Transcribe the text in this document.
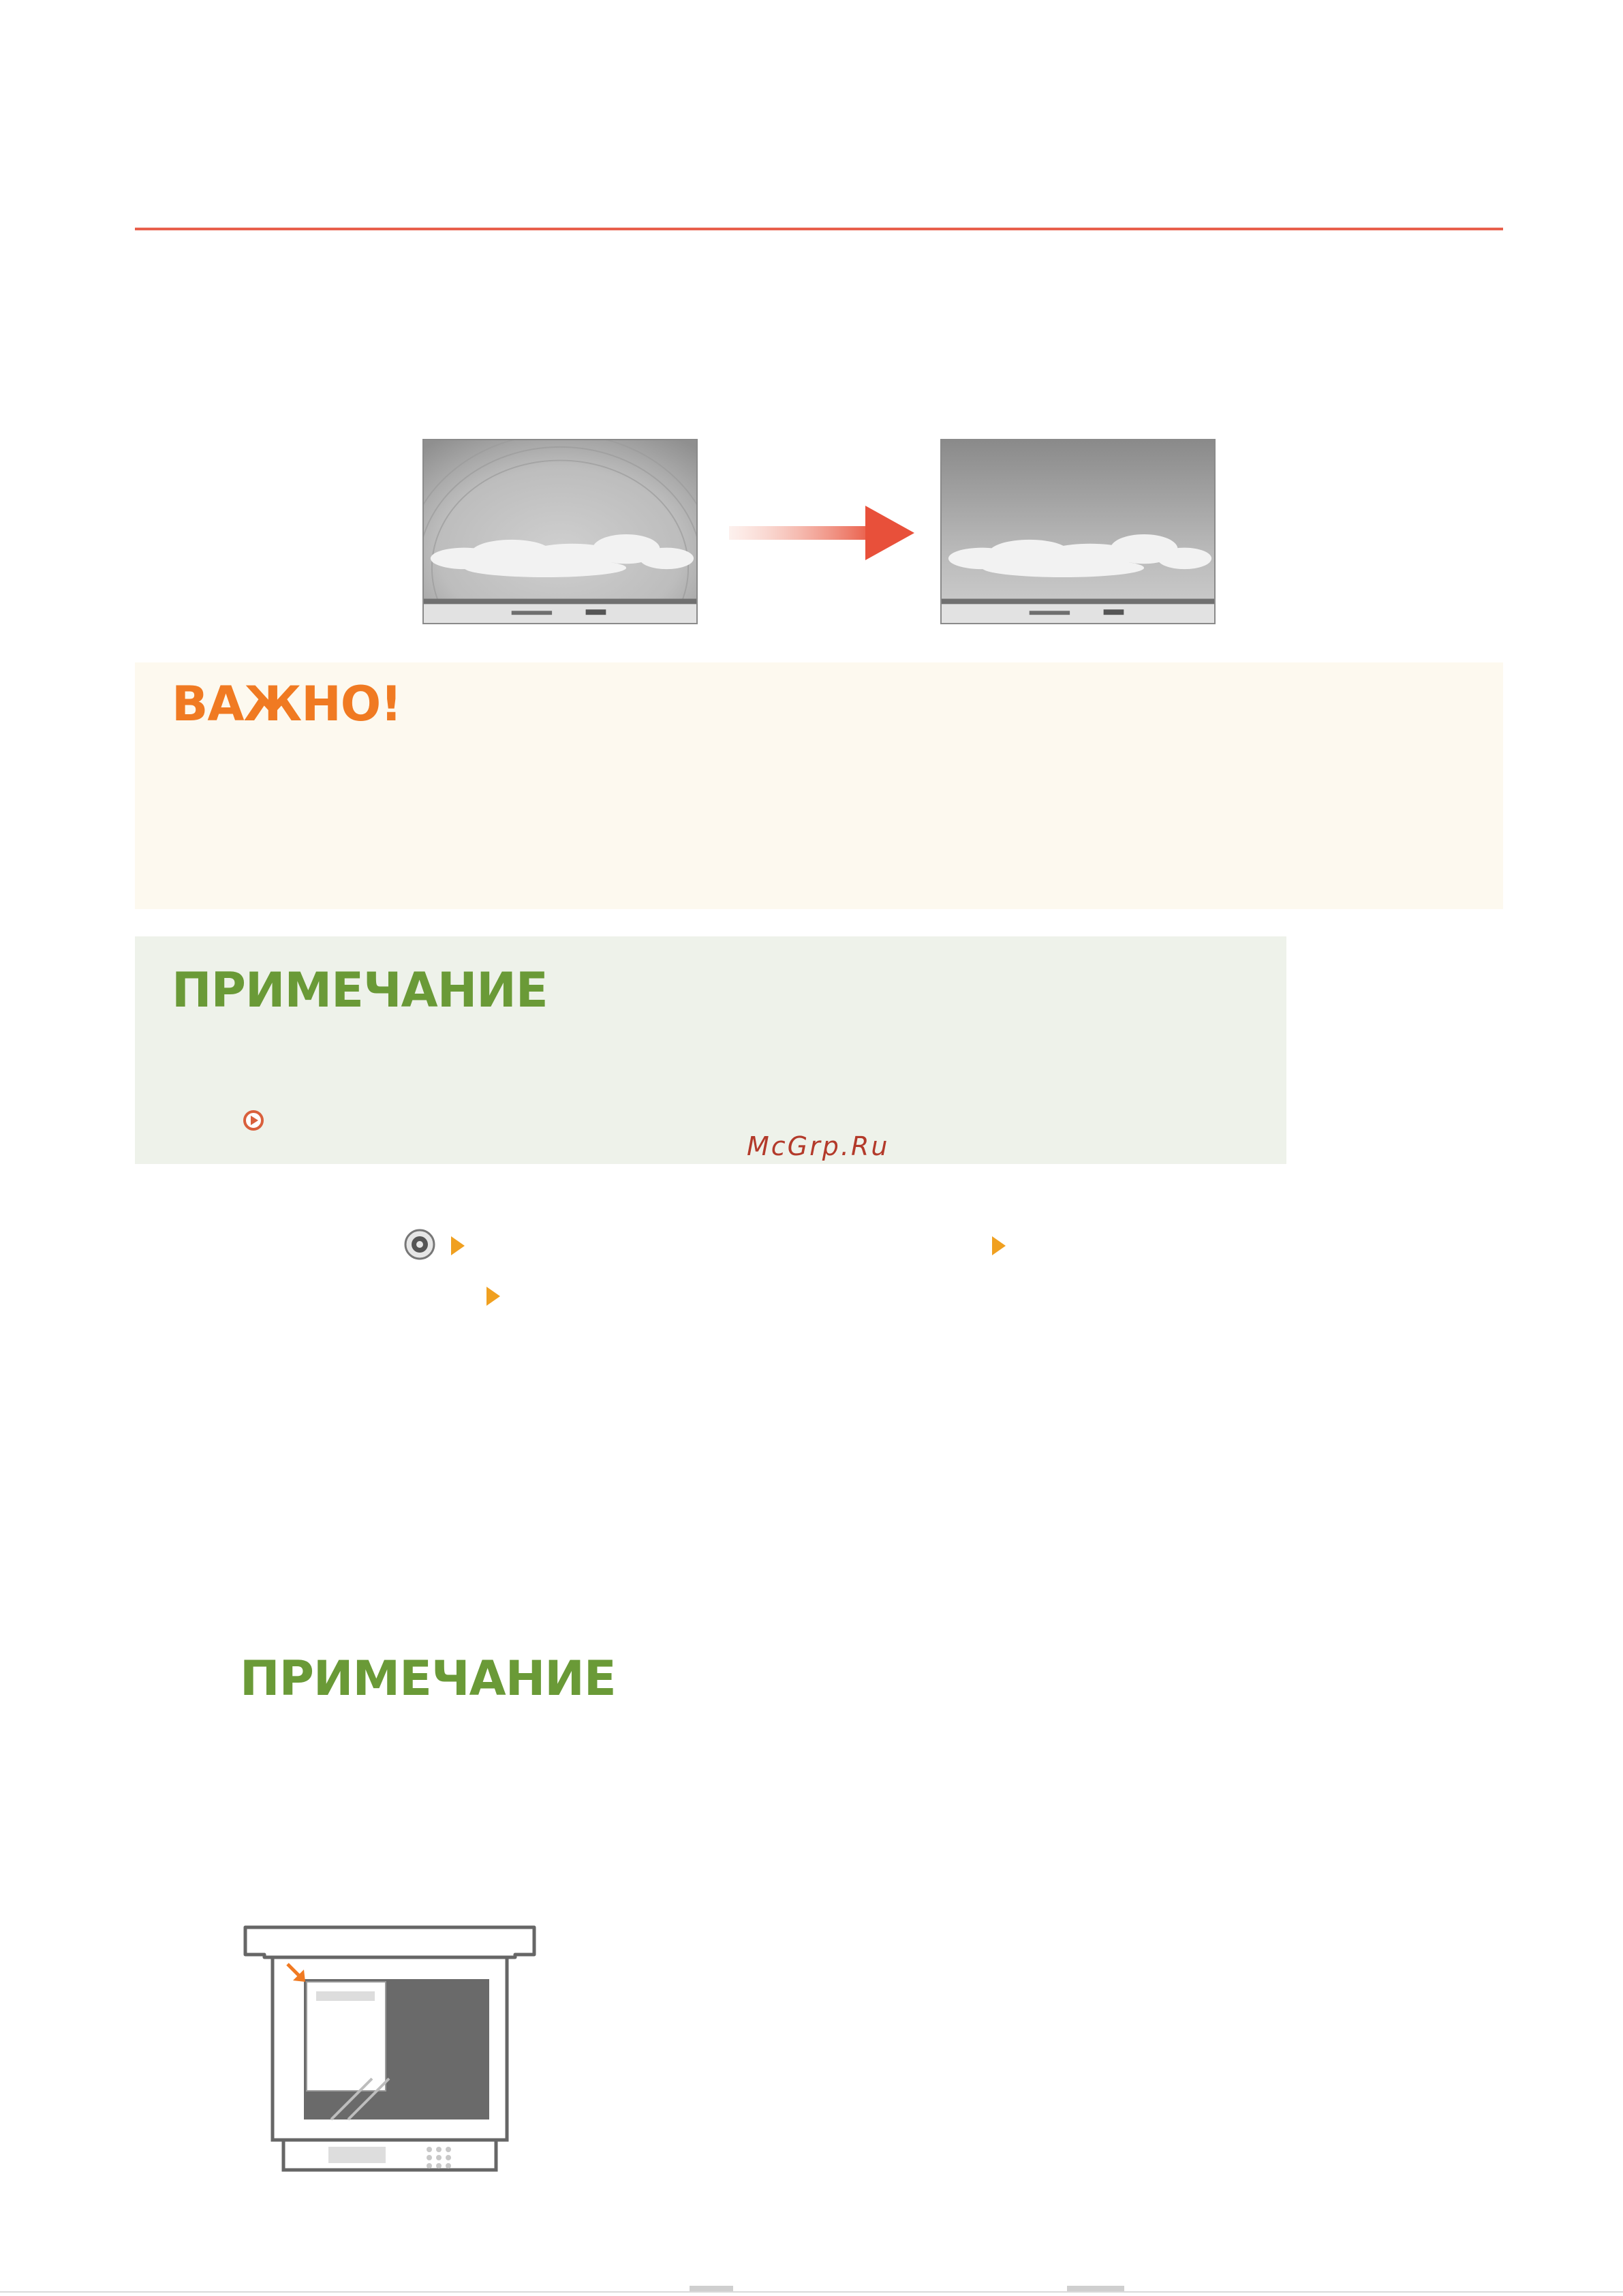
ВАЖНО!
ПРИМЕЧАНИЕ
McGrp.Ru
ПРИМЕЧАНИЕ
